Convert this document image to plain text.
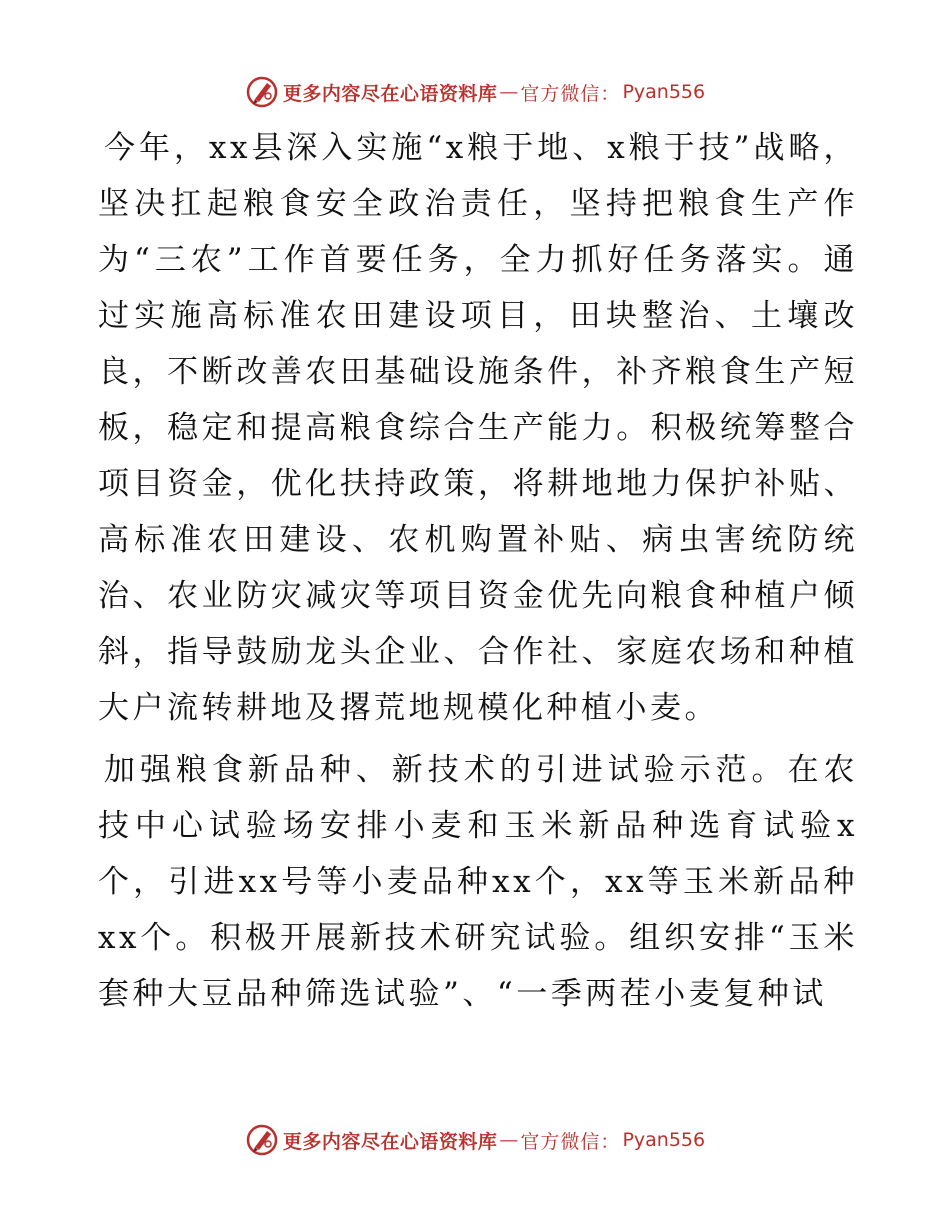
更多内容尽在心语资料库 — 官方微信： Pyan556

今年，xx县深入实施“x粮于地、x粮于技”战略，坚决扛起粮食安全政治责任，坚持把粮食生产作为“三农”工作首要任务，全力抓好任务落实。通过实施高标准农田建设项目，田块整治、土壤改良，不断改善农田基础设施条件，补齐粮食生产短板，稳定和提高粮食综合生产能力。积极统筹整合项目资金，优化扶持政策，将耕地地力保护补贴、高标准农田建设、农机购置补贴、病虫害统防统治、农业防灾减灾等项目资金优先向粮食种植户倾斜，指导鼓励龙头企业、合作社、家庭农场和种植大户流转耕地及撂荒地规模化种植小麦。

加强粮食新品种、新技术的引进试验示范。在农技中心试验场安排小麦和玉米新品种选育试验x个，引进xx号等小麦品种xx个，xx等玉米新品种xx个。积极开展新技术研究试验。组织安排“玉米套种大豆品种筛选试验”、“一季两茬小麦复种试

更多内容尽在心语资料库 — 官方微信： Pyan556
